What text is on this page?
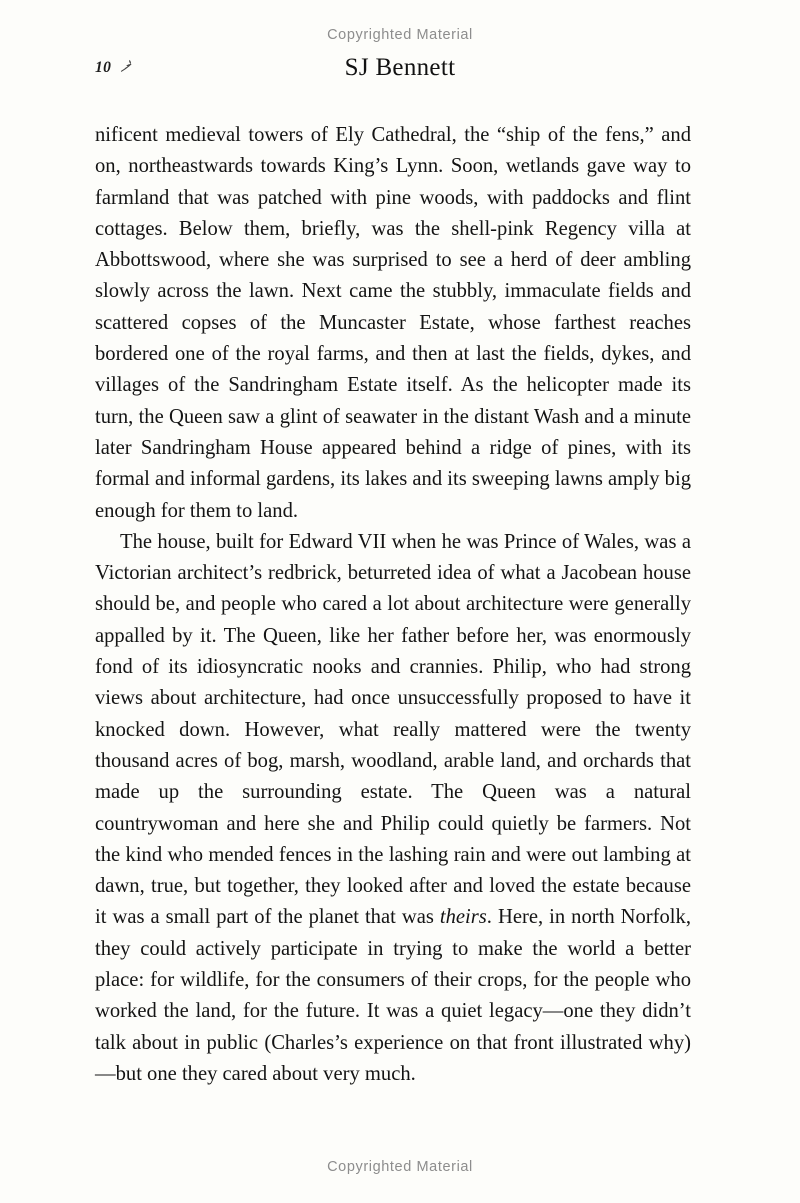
Copyrighted Material
10	SJ Bennett

nificent medieval towers of Ely Cathedral, the “ship of the fens,” and on, northeastwards towards King’s Lynn. Soon, wetlands gave way to farmland that was patched with pine woods, with paddocks and flint cottages. Below them, briefly, was the shell-pink Regency villa at Abbottswood, where she was surprised to see a herd of deer ambling slowly across the lawn. Next came the stubbly, immaculate fields and scattered copses of the Muncaster Estate, whose farthest reaches bordered one of the royal farms, and then at last the fields, dykes, and villages of the Sandringham Estate itself. As the helicopter made its turn, the Queen saw a glint of seawater in the distant Wash and a minute later Sandringham House appeared behind a ridge of pines, with its formal and informal gardens, its lakes and its sweeping lawns amply big enough for them to land.

The house, built for Edward VII when he was Prince of Wales, was a Victorian architect’s redbrick, beturreted idea of what a Jacobean house should be, and people who cared a lot about architecture were generally appalled by it. The Queen, like her father before her, was enormously fond of its idiosyncratic nooks and crannies. Philip, who had strong views about architecture, had once unsuccessfully proposed to have it knocked down. However, what really mattered were the twenty thousand acres of bog, marsh, woodland, arable land, and orchards that made up the surrounding estate. The Queen was a natural countrywoman and here she and Philip could quietly be farmers. Not the kind who mended fences in the lashing rain and were out lambing at dawn, true, but together, they looked after and loved the estate because it was a small part of the planet that was theirs. Here, in north Norfolk, they could actively participate in trying to make the world a better place: for wildlife, for the consumers of their crops, for the people who worked the land, for the future. It was a quiet legacy—one they didn’t talk about in public (Charles’s experience on that front illustrated why)—but one they cared about very much.

Copyrighted Material
